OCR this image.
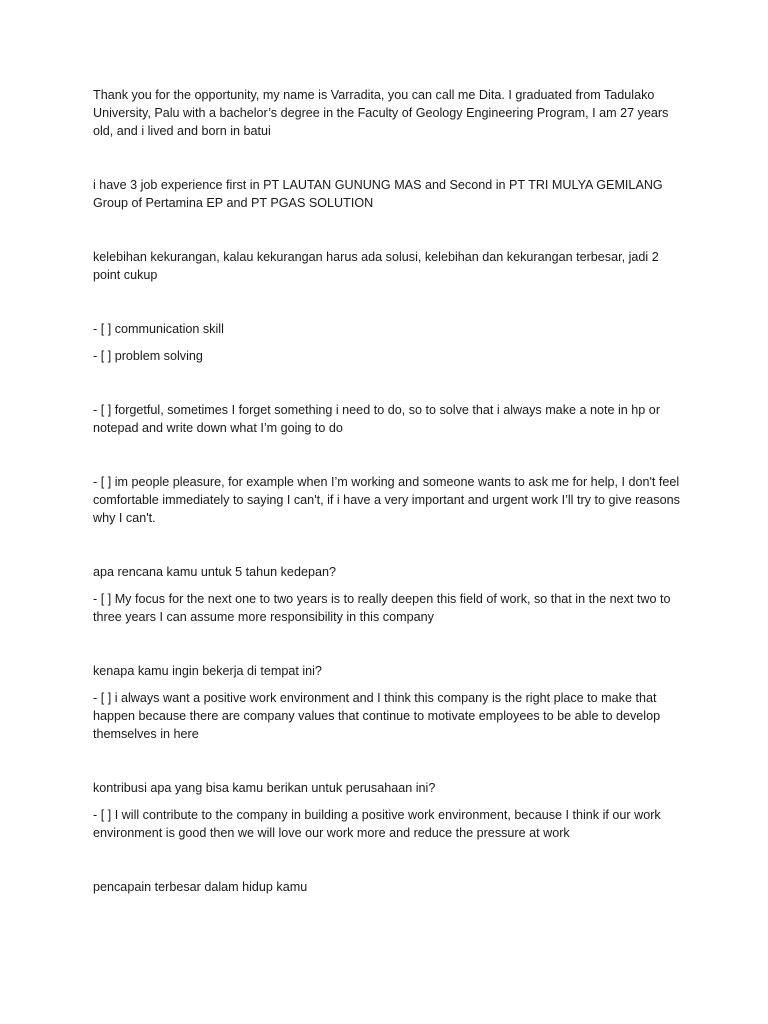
Thank you for the opportunity, my name is Varradita, you can call me Dita. I graduated from Tadulako University, Palu with a bachelor’s degree in the Faculty of Geology Engineering Program, I am 27 years old, and i lived and born in batui

i have 3 job experience first in PT LAUTAN GUNUNG MAS and Second in PT TRI MULYA GEMILANG Group of Pertamina EP and PT PGAS SOLUTION

kelebihan kekurangan, kalau kekurangan harus ada solusi, kelebihan dan kekurangan terbesar, jadi 2 point cukup

- [ ] communication skill

- [ ] problem solving

- [ ] forgetful, sometimes I forget something i need to do, so to solve that i always make a note in hp or notepad and write down what I’m going to do

- [ ] im people pleasure, for example when I’m working and someone wants to ask me for help, I don't feel comfortable immediately to saying I can't, if i have a very important and urgent work I’ll try to give reasons why I can't.

apa rencana kamu untuk 5 tahun kedepan?

- [ ] My focus for the next one to two years is to really deepen this field of work, so that in the next two to three years I can assume more responsibility in this company

kenapa kamu ingin bekerja di tempat ini?

- [ ] i always want a positive work environment and I think this company is the right place to make that happen because there are company values that continue to motivate employees to be able to develop themselves in here

kontribusi apa yang bisa kamu berikan untuk perusahaan ini?

- [ ] I will contribute to the company in building a positive work environment, because I think if our work environment is good then we will love our work more and reduce the pressure at work

pencapain terbesar dalam hidup kamu
